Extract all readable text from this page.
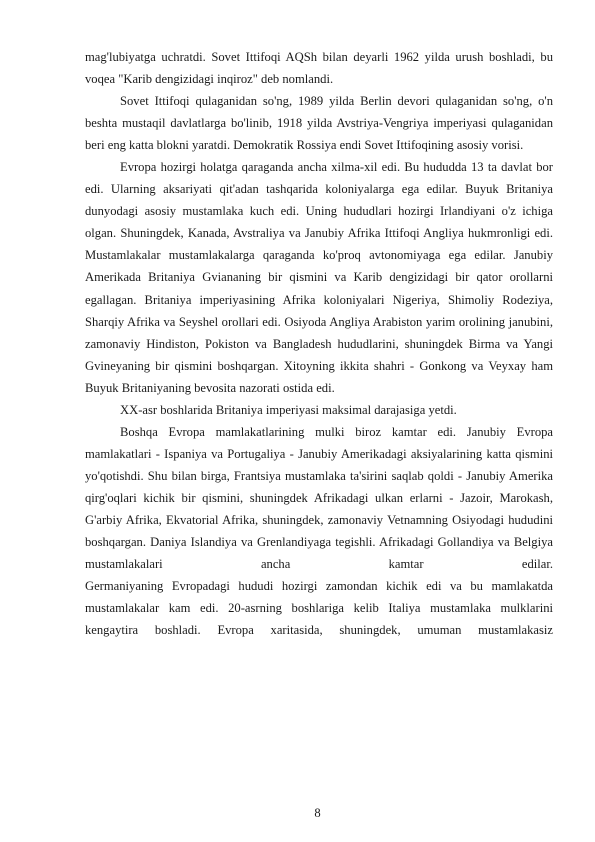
mag'lubiyatga uchratdi. Sovet Ittifoqi AQSh bilan deyarli 1962 yilda urush boshladi, bu voqea "Karib dengizidagi inqiroz" deb nomlandi.

Sovet Ittifoqi qulaganidan so'ng, 1989 yilda Berlin devori qulaganidan so'ng, o'n beshta mustaqil davlatlarga bo'linib, 1918 yilda Avstriya-Vengriya imperiyasi qulaganidan beri eng katta blokni yaratdi. Demokratik Rossiya endi Sovet Ittifoqining asosiy vorisi.

Evropa hozirgi holatga qaraganda ancha xilma-xil edi. Bu hududda 13 ta davlat bor edi. Ularning aksariyati qit'adan tashqarida koloniyalarga ega edilar. Buyuk Britaniya dunyodagi asosiy mustamlaka kuch edi. Uning hududlari hozirgi Irlandiyani o'z ichiga olgan. Shuningdek, Kanada, Avstraliya va Janubiy Afrika Ittifoqi Angliya hukmronligi edi. Mustamlakalar mustamlakalarga qaraganda ko'proq avtonomiyaga ega edilar. Janubiy Amerikada Britaniya Gviananing bir qismini va Karib dengizidagi bir qator orollarni egallagan. Britaniya imperiyasining Afrika koloniyalari Nigeriya, Shimoliy Rodeziya, Sharqiy Afrika va Seyshel orollari edi. Osiyoda Angliya Arabiston yarim orolining janubini, zamonaviy Hindiston, Pokiston va Bangladesh hududlarini, shuningdek Birma va Yangi Gvineyaning bir qismini boshqargan. Xitoyning ikkita shahri - Gonkong va Veyxay ham Buyuk Britaniyaning bevosita nazorati ostida edi.

XX-asr boshlarida Britaniya imperiyasi maksimal darajasiga yetdi.

Boshqa Evropa mamlakatlarining mulki biroz kamtar edi. Janubiy Evropa mamlakatlari - Ispaniya va Portugaliya - Janubiy Amerikadagi aksiyalarining katta qismini yo'qotishdi. Shu bilan birga, Frantsiya mustamlaka ta'sirini saqlab qoldi - Janubiy Amerika qirg'oqlari kichik bir qismini, shuningdek Afrikadagi ulkan erlarni - Jazoir, Marokash, G'arbiy Afrika, Ekvatorial Afrika, shuningdek, zamonaviy Vetnamning Osiyodagi hududini boshqargan. Daniya Islandiya va Grenlandiyaga tegishli. Afrikadagi Gollandiya va Belgiya mustamlakalari ancha kamtar edilar.

Germaniyaning Evropadagi hududi hozirgi zamondan kichik edi va bu mamlakatda mustamlakalar kam edi. 20-asrning boshlariga kelib Italiya mustamlaka mulklarini kengaytira boshladi. Evropa xaritasida, shuningdek, umuman mustamlakasiz

8
